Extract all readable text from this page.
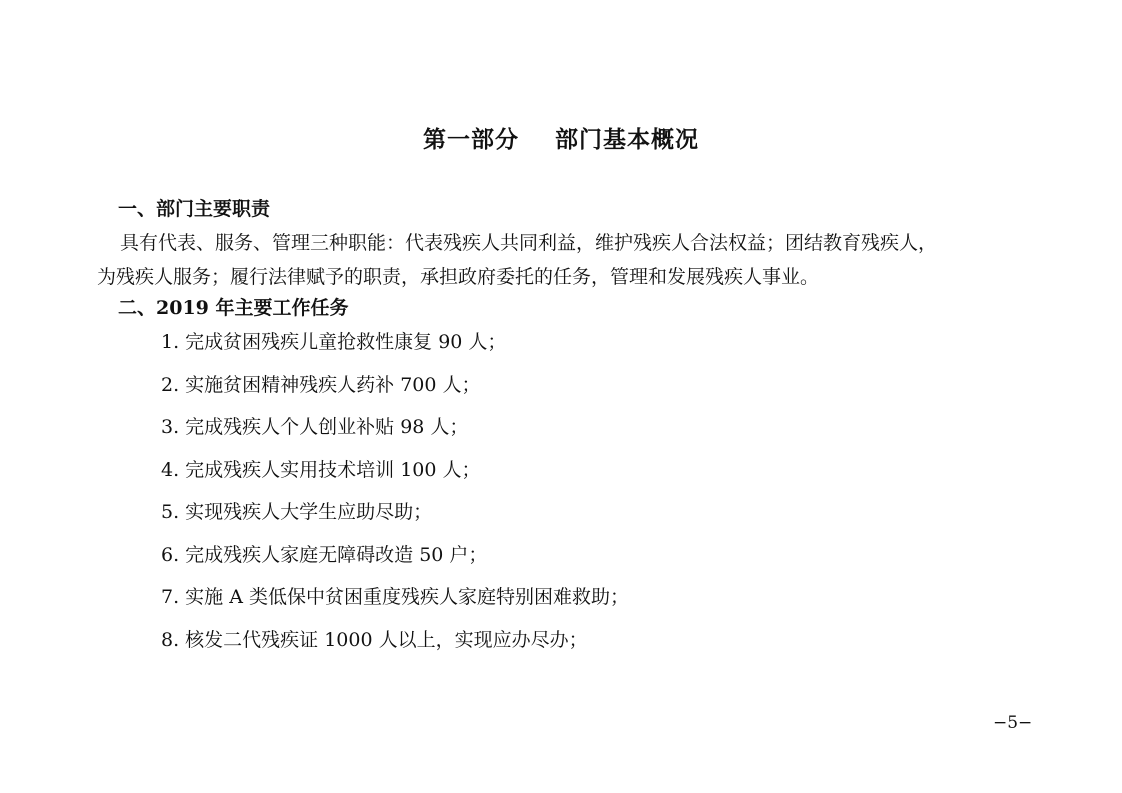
第一部分    部门基本概况
一、部门主要职责
具有代表、服务、管理三种职能：代表残疾人共同利益，维护残疾人合法权益；团结教育残疾人，
为残疾人服务；履行法律赋予的职责，承担政府委托的任务，管理和发展残疾人事业。
二、2019 年主要工作任务
1. 完成贫困残疾儿童抢救性康复 90 人；
2. 实施贫困精神残疾人药补 700 人；
3. 完成残疾人个人创业补贴 98 人；
4. 完成残疾人实用技术培训 100 人；
5. 实现残疾人大学生应助尽助；
6. 完成残疾人家庭无障碍改造 50 户；
7. 实施 A 类低保中贫困重度残疾人家庭特别困难救助；
8. 核发二代残疾证 1000 人以上，实现应办尽办；
−5−
